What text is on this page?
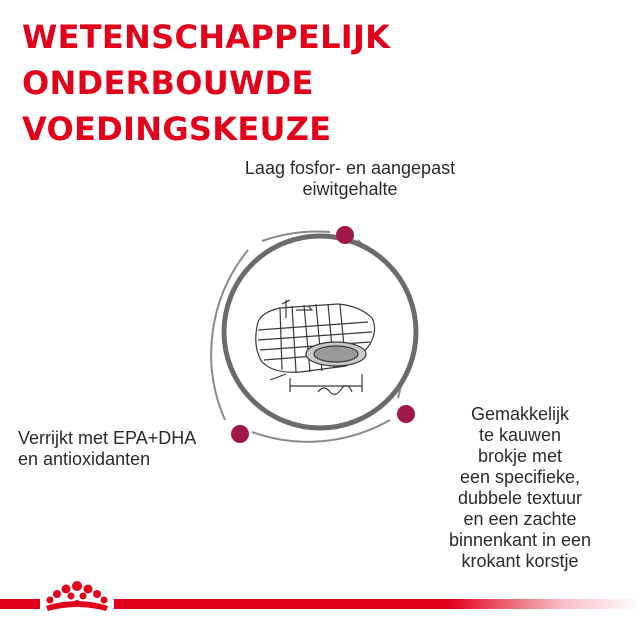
WETENSCHAPPELIJK ONDERBOUWDE
VOEDINGSKEUZE
Laag fosfor- en aangepast
eiwitgehalte
Verrijkt met EPA+DHA
en antioxidanten
Gemakkelijk
te kauwen
brokje met
een specifieke,
dubbele textuur
en een zachte
binnenkant in een
krokant korstje
